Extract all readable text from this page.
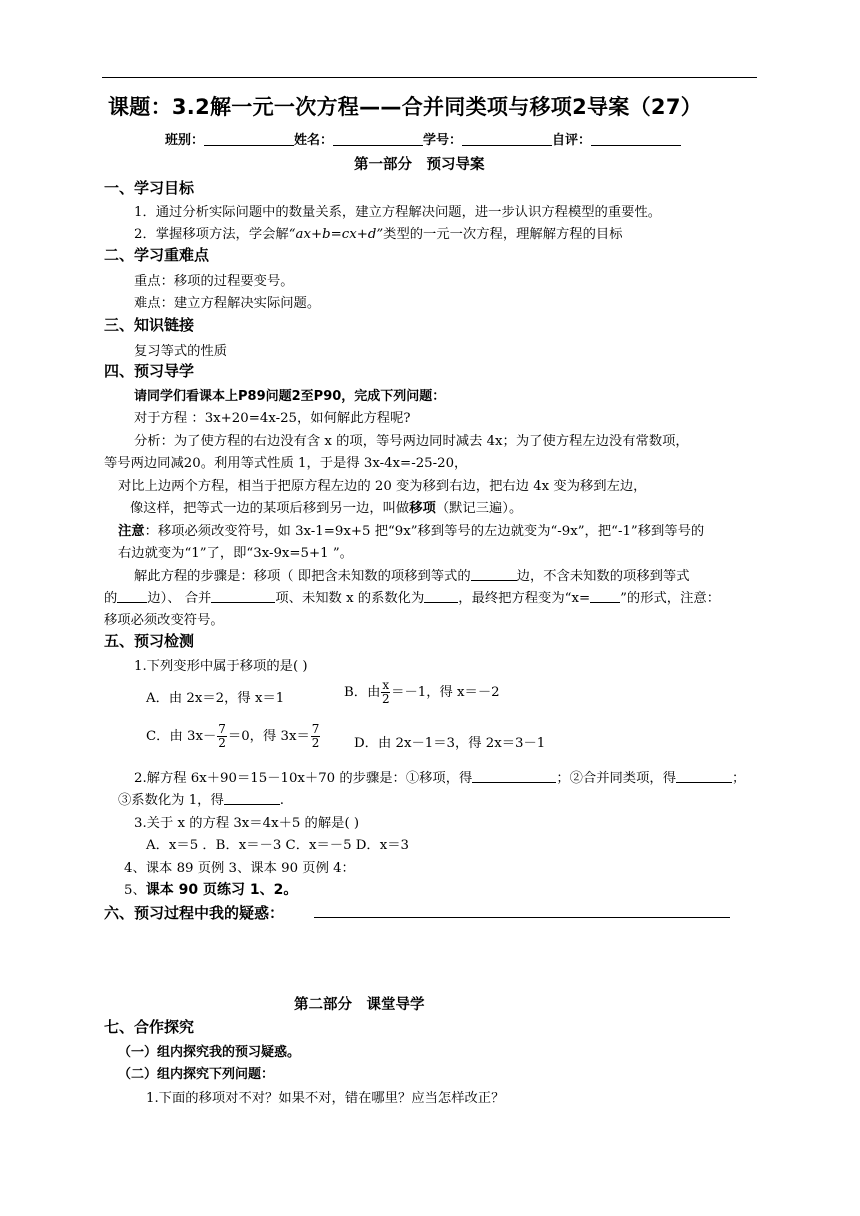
课题：3.2解一元一次方程——合并同类项与移项2导案（27）
班别：	姓名：	学号：	自评：
第一部分　预习导案
一、学习目标
1．通过分析实际问题中的数量关系，建立方程解决问题，进一步认识方程模型的重要性。
2．掌握移项方法，学会解“ax+b=cx+d”类型的一元一次方程，理解解方程的目标
二、学习重难点
重点：移项的过程要变号。
难点：建立方程解决实际问题。
三、知识链接
复习等式的性质
四、预习导学
请同学们看课本上P89问题2至P90，完成下列问题：
对于方程 ：3x+20=4x-25，如何解此方程呢?
分析：为了使方程的右边没有含 x 的项，等号两边同时减去 4x；为了使方程左边没有常数项，
等号两边同减20。利用等式性质 1，于是得 3x-4x=-25-20，
对比上边两个方程，相当于把原方程左边的 20 变为移到右边，把右边 4x 变为移到左边，
像这样，把等式一边的某项后移到另一边，叫做移项（默记三遍）。
注意：移项必须改变符号，如 3x-1=9x+5 把“9x”移到等号的左边就变为“-9x”，把“-1”移到等号的
右边就变为“1”了，即“3x-9x=5+1 ”。
解此方程的步骤是：移项（ 即把含未知数的项移到等式的	边，不含未知数的项移到等式
的 边）、 合并	项、未知数 x 的系数化为	，最终把方程变为“x= ”的形式，注意：
移项必须改变符号。
五、预习检测
1.下列变形中属于移项的是( )
A．由 2x＝2，得 x＝1	B．由 $\frac{x}{2} =-1$，得 x＝－2
C．由 $3x- \frac{7}{2} =0$，得 $3x= \frac{7}{2}$	D．由 2x－1＝3，得 2x＝3－1
2.解方程 6x＋90＝15－10x＋70 的步骤是：①移项，得	；②合并同类项，得	；
③系数化为 1，得	.
3.关于 x 的方程 3x＝4x＋5 的解是( )
A．x＝5 ．B．x＝－3 C．x＝－5 D．x＝3
4、课本 89 页例 3、课本 90 页例 4：
5、课本 90 页练习 1、2。
六、预习过程中我的疑惑：
第二部分　课堂导学
七、合作探究
（一）组内探究我的预习疑惑。
（二）组内探究下列问题：
1.下面的移项对不对？如果不对，错在哪里？应当怎样改正？
